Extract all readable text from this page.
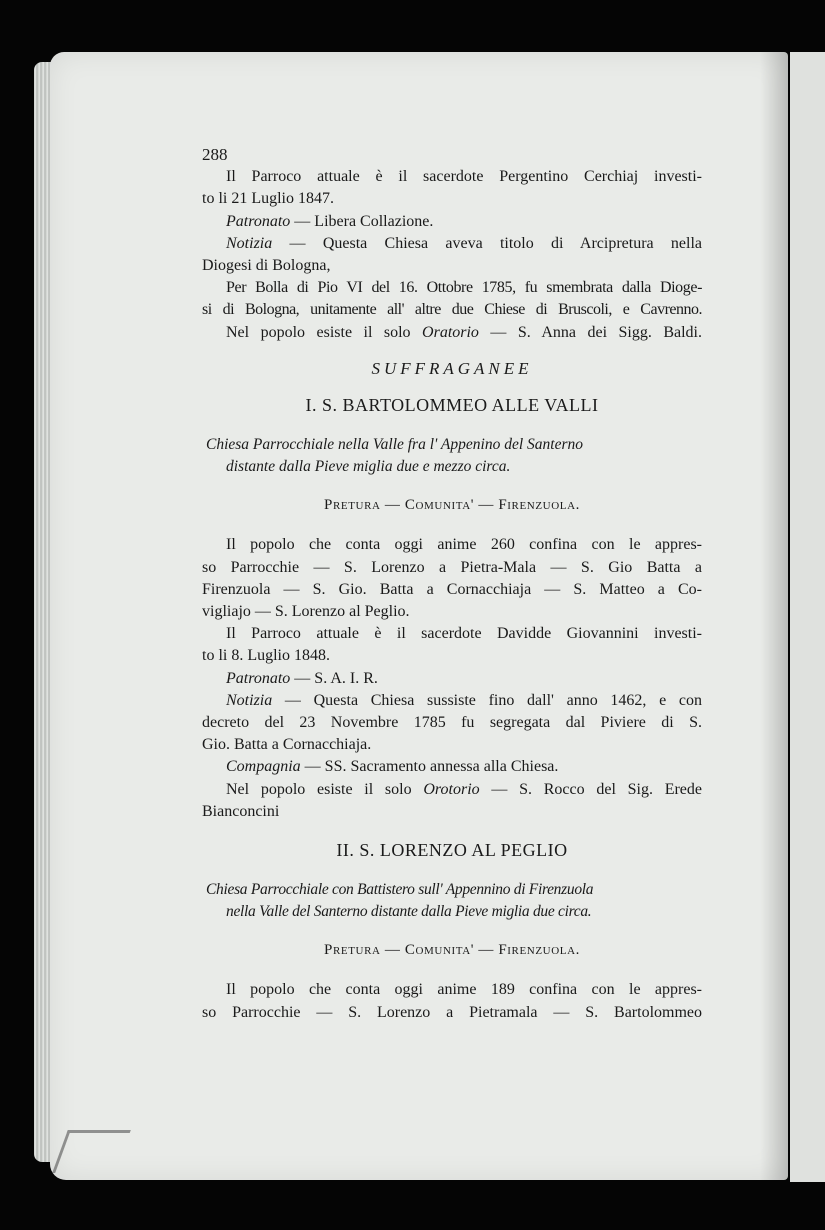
288
Il Parroco attuale è il sacerdote Pergentino Cerchiaj investi-
to li 21 Luglio 1847.
Patronato — Libera Collazione.
Notizia — Questa Chiesa aveva titolo di Arcipretura nella
Diogesi di Bologna,
Per Bolla di Pio VI del 16. Ottobre 1785, fu smembrata dalla Dioge-
si di Bologna, unitamente all' altre due Chiese di Bruscoli, e Cavrenno.
Nel popolo esiste il solo Oratorio — S. Anna dei Sigg. Baldi.
SUFFRAGANEE
I. S. BARTOLOMMEO ALLE VALLI
Chiesa Parrocchiale nella Valle fra l' Appenino del Santerno
distante dalla Pieve miglia due e mezzo circa.
Pretura — Comunita' — Firenzuola.
Il popolo che conta oggi anime 260 confina con le appres-
so Parrocchie — S. Lorenzo a Pietra-Mala — S. Gio Batta a
Firenzuola — S. Gio. Batta a Cornacchiaja — S. Matteo a Co-
vigliajo — S. Lorenzo al Peglio.
Il Parroco attuale è il sacerdote Davidde Giovannini investi-
to li 8. Luglio 1848.
Patronato — S. A. I. R.
Notizia — Questa Chiesa sussiste fino dall' anno 1462, e con
decreto del 23 Novembre 1785 fu segregata dal Piviere di S.
Gio. Batta a Cornacchiaja.
Compagnia — SS. Sacramento annessa alla Chiesa.
Nel popolo esiste il solo Orotorio — S. Rocco del Sig. Erede
Bianconcini
II. S. LORENZO AL PEGLIO
Chiesa Parrocchiale con Battistero sull' Appennino di Firenzuola
nella Valle del Santerno distante dalla Pieve miglia due circa.
Pretura — Comunita' — Firenzuola.
Il popolo che conta oggi anime 189 confina con le appres-
so Parrocchie — S. Lorenzo a Pietramala — S. Bartolommeo
